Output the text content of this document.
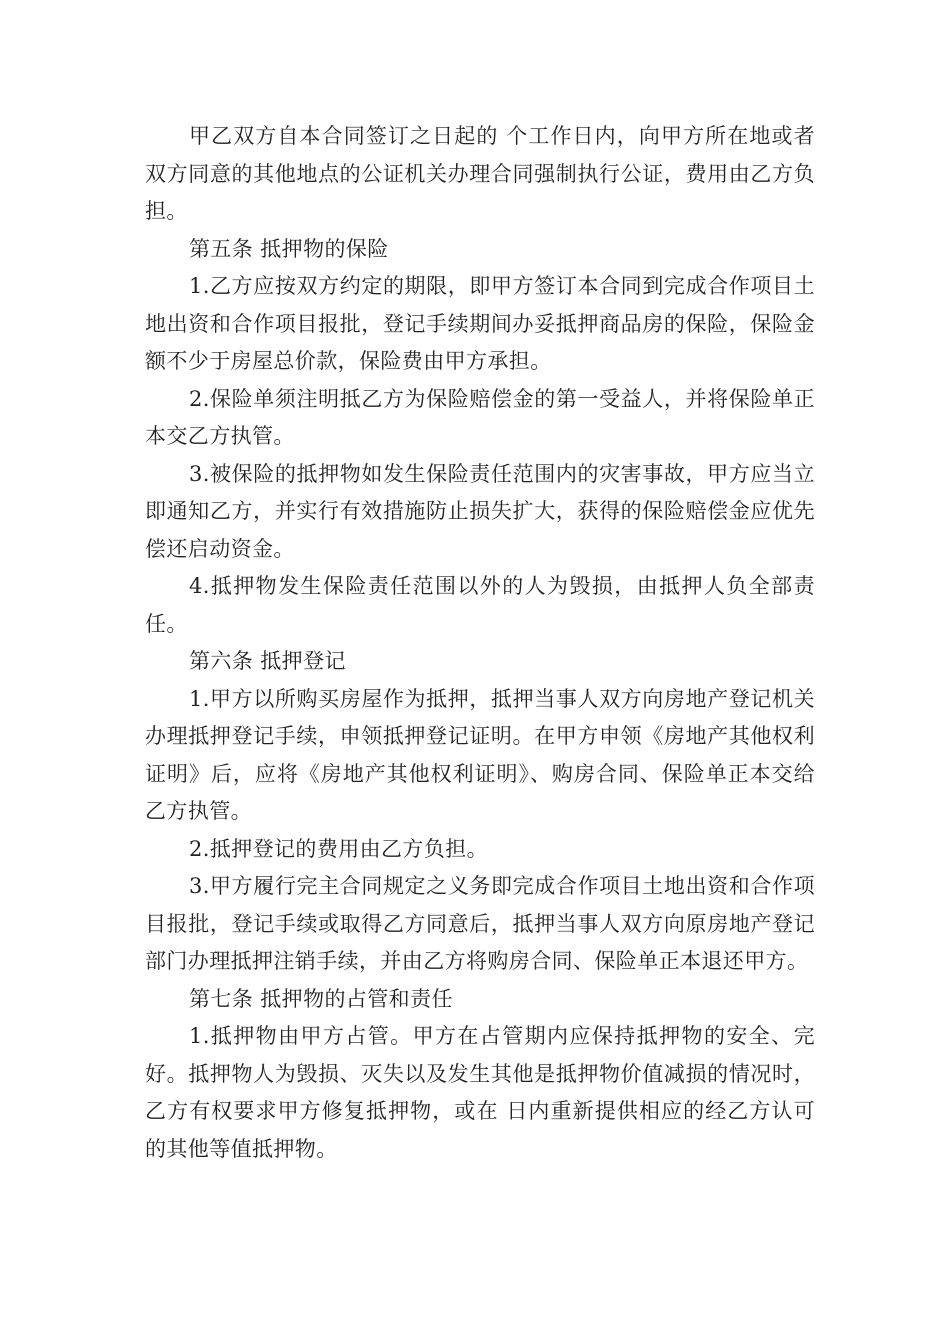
甲乙双方自本合同签订之日起的 个工作日内，向甲方所在地或者双方同意的其他地点的公证机关办理合同强制执行公证，费用由乙方负担。

第五条 抵押物的保险

1.乙方应按双方约定的期限，即甲方签订本合同到完成合作项目土地出资和合作项目报批，登记手续期间办妥抵押商品房的保险，保险金额不少于房屋总价款，保险费由甲方承担。

2.保险单须注明抵乙方为保险赔偿金的第一受益人，并将保险单正本交乙方执管。

3.被保险的抵押物如发生保险责任范围内的灾害事故，甲方应当立即通知乙方，并实行有效措施防止损失扩大，获得的保险赔偿金应优先偿还启动资金。

4.抵押物发生保险责任范围以外的人为毁损，由抵押人负全部责任。

第六条 抵押登记

1.甲方以所购买房屋作为抵押，抵押当事人双方向房地产登记机关办理抵押登记手续，申领抵押登记证明。在甲方申领《房地产其他权利证明》后，应将《房地产其他权利证明》、购房合同、保险单正本交给乙方执管。

2.抵押登记的费用由乙方负担。

3.甲方履行完主合同规定之义务即完成合作项目土地出资和合作项目报批，登记手续或取得乙方同意后，抵押当事人双方向原房地产登记部门办理抵押注销手续，并由乙方将购房合同、保险单正本退还甲方。

第七条 抵押物的占管和责任

1.抵押物由甲方占管。甲方在占管期内应保持抵押物的安全、完好。抵押物人为毁损、灭失以及发生其他是抵押物价值减损的情况时，乙方有权要求甲方修复抵押物，或在 日内重新提供相应的经乙方认可的其他等值抵押物。
